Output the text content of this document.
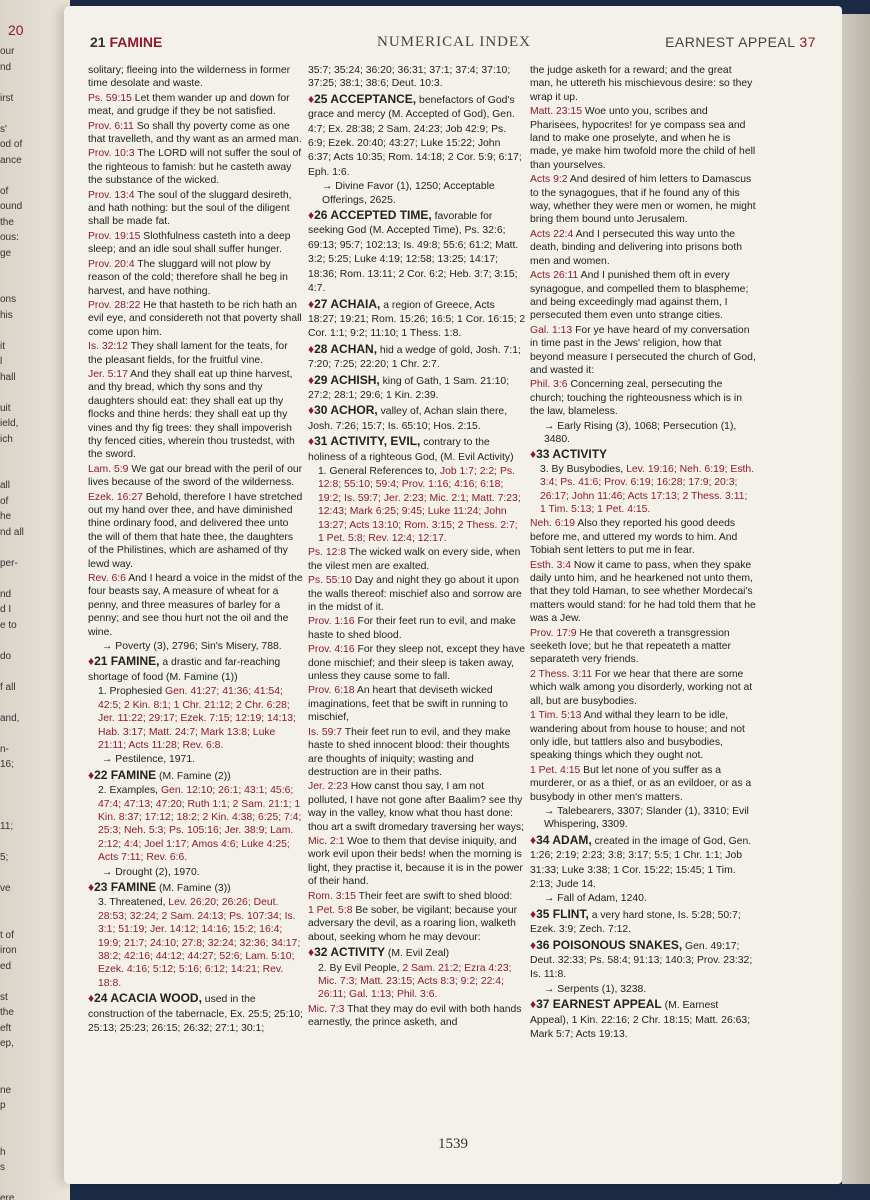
20
our
nd
irst
s'
od of
ance
of
ound
the
ous:
ge
ons
his
it
l
hall
uit
ield,
ich
all
of
he
nd all
per-
nd
d I
e to
do
f all
and,
n-
16;
11;
5;
ve
t of
iron
ed
st
the
eft
ep,
ne
p
h
s
ere
21 FAMINE	NUMERICAL INDEX	EARNEST APPEAL 37

solitary; fleeing into the wilderness in former time desolate and waste.

Ps. 59:15 Let them wander up and down for meat, and grudge if they be not satisfied.

Prov. 6:11 So shall thy poverty come as one that travelleth, and thy want as an armed man.

Prov. 10:3 The LORD will not suffer the soul of the righteous to famish: but he casteth away the substance of the wicked.

Prov. 13:4 The soul of the sluggard desireth, and hath nothing: but the soul of the diligent shall be made fat.

Prov. 19:15 Slothfulness casteth into a deep sleep; and an idle soul shall suffer hunger.

Prov. 20:4 The sluggard will not plow by reason of the cold; therefore shall he beg in harvest, and have nothing.

Prov. 28:22 He that hasteth to be rich hath an evil eye, and considereth not that poverty shall come upon him.

Is. 32:12 They shall lament for the teats, for the pleasant fields, for the fruitful vine.

Jer. 5:17 And they shall eat up thine harvest, and thy bread, which thy sons and thy daughters should eat: they shall eat up thy flocks and thine herds: they shall eat up thy vines and thy fig trees: they shall impoverish thy fenced cities, wherein thou trustedst, with the sword.

Lam. 5:9 We gat our bread with the peril of our lives because of the sword of the wilderness.

Ezek. 16:27 Behold, therefore I have stretched out my hand over thee, and have diminished thine ordinary food, and delivered thee unto the will of them that hate thee, the daughters of the Philistines, which are ashamed of thy lewd way.

Rev. 6:6 And I heard a voice in the midst of the four beasts say, A measure of wheat for a penny, and three measures of barley for a penny; and see thou hurt not the oil and the wine.

→ Poverty (3), 2796; Sin's Misery, 788.

♦21 FAMINE, a drastic and far-reaching shortage of food (M. Famine (1))

1. Prophesied Gen. 41:27; 41:36; 41:54; 42:5; 2 Kin. 8:1; 1 Chr. 21:12; 2 Chr. 6:28; Jer. 11:22; 29:17; Ezek. 7:15; 12:19; 14:13; Hab. 3:17; Matt. 24:7; Mark 13:8; Luke 21:11; Acts 11:28; Rev. 6:8.

→ Pestilence, 1971.

♦22 FAMINE (M. Famine (2))

2. Examples, Gen. 12:10; 26:1; 43:1; 45:6; 47:4; 47:13; 47:20; Ruth 1:1; 2 Sam. 21:1; 1 Kin. 8:37; 17:12; 18:2; 2 Kin. 4:38; 6:25; 7:4; 25:3; Neh. 5:3; Ps. 105:16; Jer. 38:9; Lam. 2:12; 4:4; Joel 1:17; Amos 4:6; Luke 4:25; Acts 7:11; Rev. 6:6.

→ Drought (2), 1970.

♦23 FAMINE (M. Famine (3))

3. Threatened, Lev. 26:20; 26:26; Deut. 28:53; 32:24; 2 Sam. 24:13; Ps. 107:34; Is. 3:1; 51:19; Jer. 14:12; 14:16; 15:2; 16:4; 19:9; 21:7; 24:10; 27:8; 32:24; 32:36; 34:17; 38:2; 42:16; 44:12; 44:27; 52:6; Lam. 5:10; Ezek. 4:16; 5:12; 5:16; 6:12; 14:21; Rev. 18:8.

♦24 ACACIA WOOD, used in the construction of the tabernacle, Ex. 25:5; 25:10; 25:13; 25:23; 26:15; 26:32; 27:1; 30:1;

35:7; 35:24; 36:20; 36:31; 37:1; 37:4; 37:10; 37:25; 38:1; 38:6; Deut. 10:3.

♦25 ACCEPTANCE, benefactors of God's grace and mercy (M. Accepted of God), Gen. 4:7; Ex. 28:38; 2 Sam. 24:23; Job 42:9; Ps. 6:9; Ezek. 20:40; 43:27; Luke 15:22; John 6:37; Acts 10:35; Rom. 14:18; 2 Cor. 5:9; 6:17; Eph. 1:6.

→ Divine Favor (1), 1250; Acceptable Offerings, 2625.

♦26 ACCEPTED TIME, favorable for seeking God (M. Accepted Time), Ps. 32:6; 69:13; 95:7; 102:13; Is. 49:8; 55:6; 61:2; Matt. 3:2; 5:25; Luke 4:19; 12:58; 13:25; 14:17; 18:36; Rom. 13:11; 2 Cor. 6:2; Heb. 3:7; 3:15; 4:7.

♦27 ACHAIA, a region of Greece, Acts 18:27; 19:21; Rom. 15:26; 16:5; 1 Cor. 16:15; 2 Cor. 1:1; 9:2; 11:10; 1 Thess. 1:8.

♦28 ACHAN, hid a wedge of gold, Josh. 7:1; 7:20; 7:25; 22:20; 1 Chr. 2:7.

♦29 ACHISH, king of Gath, 1 Sam. 21:10; 27:2; 28:1; 29:6; 1 Kin. 2:39.

♦30 ACHOR, valley of, Achan slain there, Josh. 7:26; 15:7; Is. 65:10; Hos. 2:15.

♦31 ACTIVITY, EVIL, contrary to the holiness of a righteous God, (M. Evil Activity)

1. General References to, Job 1:7; 2:2; Ps. 12:8; 55:10; 59:4; Prov. 1:16; 4:16; 6:18; 19:2; Is. 59:7; Jer. 2:23; Mic. 2:1; Matt. 7:23; 12:43; Mark 6:25; 9:45; Luke 11:24; John 13:27; Acts 13:10; Rom. 3:15; 2 Thess. 2:7; 1 Pet. 5:8; Rev. 12:4; 12:17.

Ps. 12:8 The wicked walk on every side, when the vilest men are exalted.

Ps. 55:10 Day and night they go about it upon the walls thereof: mischief also and sorrow are in the midst of it.

Prov. 1:16 For their feet run to evil, and make haste to shed blood.

Prov. 4:16 For they sleep not, except they have done mischief; and their sleep is taken away, unless they cause some to fall.

Prov. 6:18 An heart that deviseth wicked imaginations, feet that be swift in running to mischief,

Is. 59:7 Their feet run to evil, and they make haste to shed innocent blood: their thoughts are thoughts of iniquity; wasting and destruction are in their paths.

Jer. 2:23 How canst thou say, I am not polluted, I have not gone after Baalim? see thy way in the valley, know what thou hast done: thou art a swift dromedary traversing her ways;

Mic. 2:1 Woe to them that devise iniquity, and work evil upon their beds! when the morning is light, they practise it, because it is in the power of their hand.

Rom. 3:15 Their feet are swift to shed blood:

1 Pet. 5:8 Be sober, be vigilant; because your adversary the devil, as a roaring lion, walketh about, seeking whom he may devour:

♦32 ACTIVITY (M. Evil Zeal)

2. By Evil People, 2 Sam. 21:2; Ezra 4:23; Mic. 7:3; Matt. 23:15; Acts 8:3; 9:2; 22:4; 26:11; Gal. 1:13; Phil. 3:6.

Mic. 7:3 That they may do evil with both hands earnestly, the prince asketh, and

the judge asketh for a reward; and the great man, he uttereth his mischievous desire: so they wrap it up.

Matt. 23:15 Woe unto you, scribes and Pharisees, hypocrites! for ye compass sea and land to make one proselyte, and when he is made, ye make him twofold more the child of hell than yourselves.

Acts 9:2 And desired of him letters to Damascus to the synagogues, that if he found any of this way, whether they were men or women, he might bring them bound unto Jerusalem.

Acts 22:4 And I persecuted this way unto the death, binding and delivering into prisons both men and women.

Acts 26:11 And I punished them oft in every synagogue, and compelled them to blaspheme; and being exceedingly mad against them, I persecuted them even unto strange cities.

Gal. 1:13 For ye have heard of my conversation in time past in the Jews' religion, how that beyond measure I persecuted the church of God, and wasted it:

Phil. 3:6 Concerning zeal, persecuting the church; touching the righteousness which is in the law, blameless.

→ Early Rising (3), 1068; Persecution (1), 3480.

♦33 ACTIVITY

3. By Busybodies, Lev. 19:16; Neh. 6:19; Esth. 3:4; Ps. 41:6; Prov. 6:19; 16:28; 17:9; 20:3; 26:17; John 11:46; Acts 17:13; 2 Thess. 3:11; 1 Tim. 5:13; 1 Pet. 4:15.

Neh. 6:19 Also they reported his good deeds before me, and uttered my words to him. And Tobiah sent letters to put me in fear.

Esth. 3:4 Now it came to pass, when they spake daily unto him, and he hearkened not unto them, that they told Haman, to see whether Mordecai's matters would stand: for he had told them that he was a Jew.

Prov. 17:9 He that covereth a transgression seeketh love; but he that repeateth a matter separateth very friends.

2 Thess. 3:11 For we hear that there are some which walk among you disorderly, working not at all, but are busybodies.

1 Tim. 5:13 And withal they learn to be idle, wandering about from house to house; and not only idle, but tattlers also and busybodies, speaking things which they ought not.

1 Pet. 4:15 But let none of you suffer as a murderer, or as a thief, or as an evildoer, or as a busybody in other men's matters.

→ Talebearers, 3307; Slander (1), 3310; Evil Whispering, 3309.

♦34 ADAM, created in the image of God, Gen. 1:26; 2:19; 2:23; 3:8; 3:17; 5:5; 1 Chr. 1:1; Job 31:33; Luke 3:38; 1 Cor. 15:22; 15:45; 1 Tim. 2:13; Jude 14.

→ Fall of Adam, 1240.

♦35 FLINT, a very hard stone, Is. 5:28; 50:7; Ezek. 3:9; Zech. 7:12.

♦36 POISONOUS SNAKES, Gen. 49:17; Deut. 32:33; Ps. 58:4; 91:13; 140:3; Prov. 23:32; Is. 11:8.

→ Serpents (1), 3238.

♦37 EARNEST APPEAL (M. Earnest Appeal), 1 Kin. 22:16; 2 Chr. 18:15; Matt. 26:63; Mark 5:7; Acts 19:13.

1539
